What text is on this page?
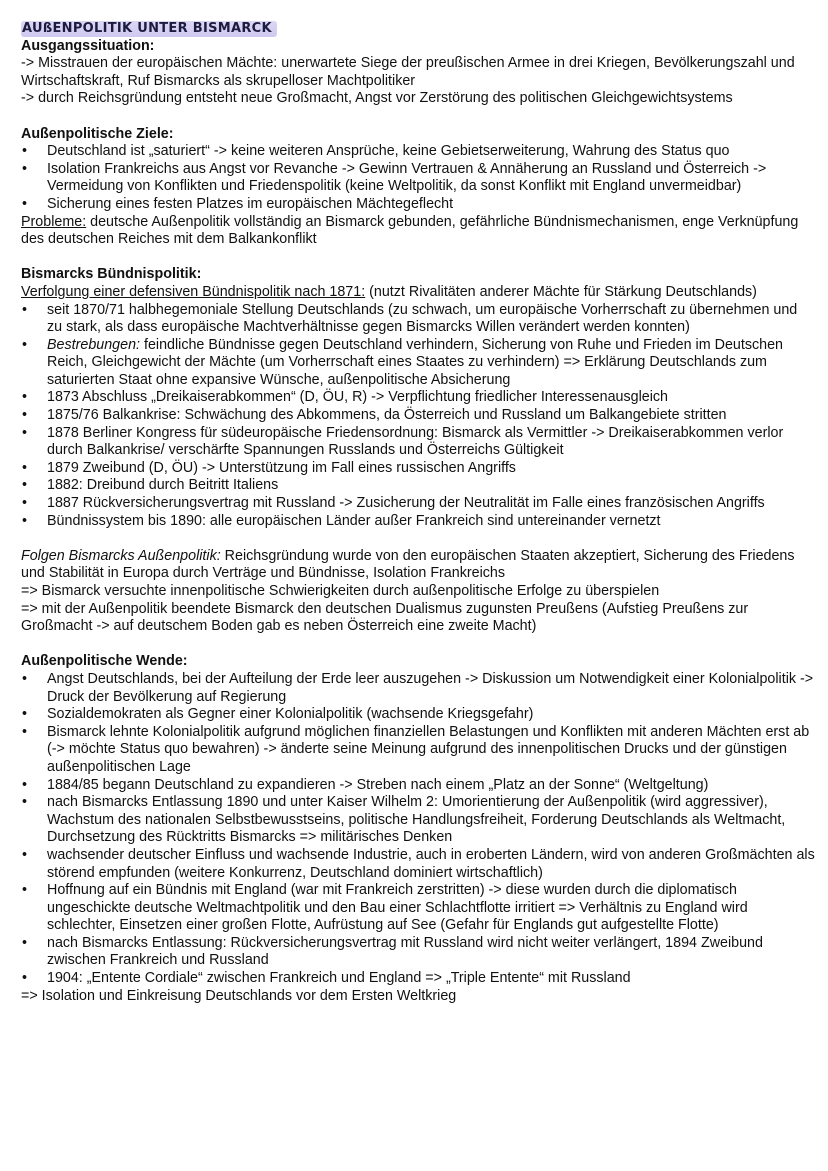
AUßENPOLITIK UNTER BISMARCK

Ausgangssituation:

-> Misstrauen der europäischen Mächte: unerwartete Siege der preußischen Armee in drei Kriegen, Bevölkerungszahl und Wirtschaftskraft, Ruf Bismarcks als skrupelloser Machtpolitiker

-> durch Reichsgründung entsteht neue Großmacht, Angst vor Zerstörung des politischen Gleichgewichtsystems

Außenpolitische Ziele:

• Deutschland ist „saturiert“ -> keine weiteren Ansprüche, keine Gebietserweiterung, Wahrung des Status quo
• Isolation Frankreichs aus Angst vor Revanche -> Gewinn Vertrauen & Annäherung an Russland und Österreich -> Vermeidung von Konflikten und Friedenspolitik (keine Weltpolitik, da sonst Konflikt mit England unvermeidbar)
• Sicherung eines festen Platzes im europäischen Mächtegeflecht

Probleme: deutsche Außenpolitik vollständig an Bismarck gebunden, gefährliche Bündnismechanismen, enge Verknüpfung des deutschen Reiches mit dem Balkankonflikt

Bismarcks Bündnispolitik:

Verfolgung einer defensiven Bündnispolitik nach 1871: (nutzt Rivalitäten anderer Mächte für Stärkung Deutschlands)

• seit 1870/71 halbhegemoniale Stellung Deutschlands (zu schwach, um europäische Vorherrschaft zu übernehmen und zu stark, als dass europäische Machtverhältnisse gegen Bismarcks Willen verändert werden konnten)
• Bestrebungen: feindliche Bündnisse gegen Deutschland verhindern, Sicherung von Ruhe und Frieden im Deutschen Reich, Gleichgewicht der Mächte (um Vorherrschaft eines Staates zu verhindern) => Erklärung Deutschlands zum saturierten Staat ohne expansive Wünsche, außenpolitische Absicherung
• 1873 Abschluss „Dreikaiserabkommen“ (D, ÖU, R) -> Verpflichtung friedlicher Interessenausgleich
• 1875/76 Balkankrise: Schwächung des Abkommens, da Österreich und Russland um Balkangebiete stritten
• 1878 Berliner Kongress für südeuropäische Friedensordnung: Bismarck als Vermittler -> Dreikaiserabkommen verlor durch Balkankrise/ verschärfte Spannungen Russlands und Österreichs Gültigkeit
• 1879 Zweibund (D, ÖU) -> Unterstützung im Fall eines russischen Angriffs
• 1882: Dreibund durch Beitritt Italiens
• 1887 Rückversicherungsvertrag mit Russland -> Zusicherung der Neutralität im Falle eines französischen Angriffs
• Bündnissystem bis 1890: alle europäischen Länder außer Frankreich sind untereinander vernetzt

Folgen Bismarcks Außenpolitik: Reichsgründung wurde von den europäischen Staaten akzeptiert, Sicherung des Friedens und Stabilität in Europa durch Verträge und Bündnisse, Isolation Frankreichs

=> Bismarck versuchte innenpolitische Schwierigkeiten durch außenpolitische Erfolge zu überspielen

=> mit der Außenpolitik beendete Bismarck den deutschen Dualismus zugunsten Preußens (Aufstieg Preußens zur Großmacht -> auf deutschem Boden gab es neben Österreich eine zweite Macht)

Außenpolitische Wende:

• Angst Deutschlands, bei der Aufteilung der Erde leer auszugehen -> Diskussion um Notwendigkeit einer Kolonialpolitik -> Druck der Bevölkerung auf Regierung
• Sozialdemokraten als Gegner einer Kolonialpolitik (wachsende Kriegsgefahr)
• Bismarck lehnte Kolonialpolitik aufgrund möglichen finanziellen Belastungen und Konflikten mit anderen Mächten erst ab (-> möchte Status quo bewahren) -> änderte seine Meinung aufgrund des innenpolitischen Drucks und der günstigen außenpolitischen Lage
• 1884/85 begann Deutschland zu expandieren -> Streben nach einem „Platz an der Sonne“ (Weltgeltung)
• nach Bismarcks Entlassung 1890 und unter Kaiser Wilhelm 2: Umorientierung der Außenpolitik (wird aggressiver), Wachstum des nationalen Selbstbewusstseins, politische Handlungsfreiheit, Forderung Deutschlands als Weltmacht, Durchsetzung des Rücktritts Bismarcks => militärisches Denken
• wachsender deutscher Einfluss und wachsende Industrie, auch in eroberten Ländern, wird von anderen Großmächten als störend empfunden (weitere Konkurrenz, Deutschland dominiert wirtschaftlich)
• Hoffnung auf ein Bündnis mit England (war mit Frankreich zerstritten) -> diese wurden durch die diplomatisch ungeschickte deutsche Weltmachtpolitik und den Bau einer Schlachtflotte irritiert => Verhältnis zu England wird schlechter, Einsetzen einer großen Flotte, Aufrüstung auf See (Gefahr für Englands gut aufgestellte Flotte)
• nach Bismarcks Entlassung: Rückversicherungsvertrag mit Russland wird nicht weiter verlängert, 1894 Zweibund zwischen Frankreich und Russland
• 1904: „Entente Cordiale“ zwischen Frankreich und England => „Triple Entente“ mit Russland

=> Isolation und Einkreisung Deutschlands vor dem Ersten Weltkrieg
